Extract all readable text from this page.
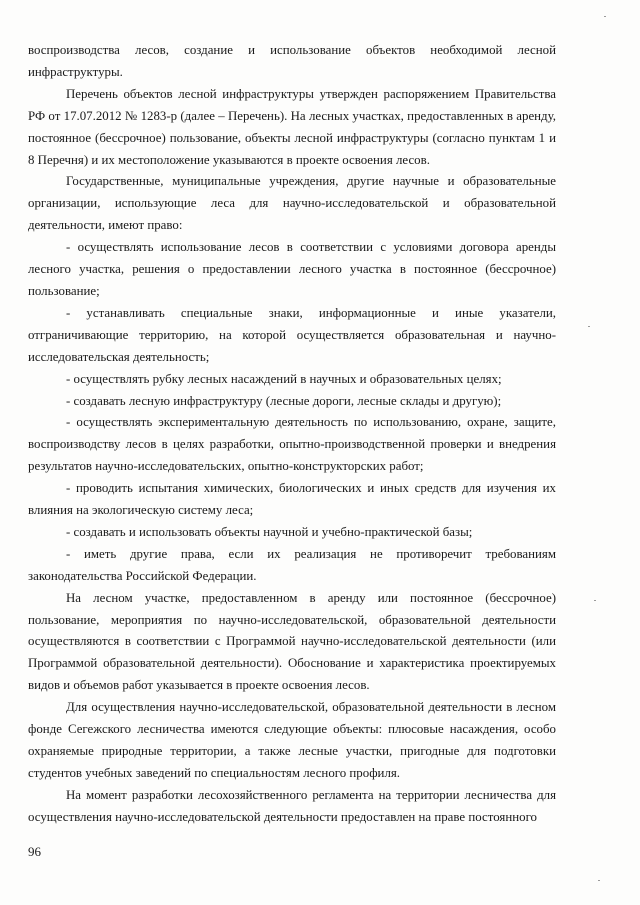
воспроизводства лесов, создание и использование объектов необходимой лесной инфраструктуры.

Перечень объектов лесной инфраструктуры утвержден распоряжением Правительства РФ от 17.07.2012 № 1283-р (далее – Перечень). На лесных участках, предоставленных в аренду, постоянное (бессрочное) пользование, объекты лесной инфраструктуры (согласно пунктам 1 и 8 Перечня) и их местоположение указываются в проекте освоения лесов.

Государственные, муниципальные учреждения, другие научные и образовательные организации, использующие леса для научно-исследовательской и образовательной деятельности, имеют право:

- осуществлять использование лесов в соответствии с условиями договора аренды лесного участка, решения о предоставлении лесного участка в постоянное (бессрочное) пользование;

- устанавливать специальные знаки, информационные и иные указатели, отграничивающие территорию, на которой осуществляется образовательная и научно-исследовательская деятельность;

- осуществлять рубку лесных насаждений в научных и образовательных целях;

- создавать лесную инфраструктуру (лесные дороги, лесные склады и другую);

- осуществлять экспериментальную деятельность по использованию, охране, защите, воспроизводству лесов в целях разработки, опытно-производственной проверки и внедрения результатов научно-исследовательских, опытно-конструкторских работ;

- проводить испытания химических, биологических и иных средств для изучения их влияния на экологическую систему леса;

- создавать и использовать объекты научной и учебно-практической базы;

- иметь другие права, если их реализация не противоречит требованиям законодательства Российской Федерации.

На лесном участке, предоставленном в аренду или постоянное (бессрочное) пользование, мероприятия по научно-исследовательской, образовательной деятельности осуществляются в соответствии с Программой научно-исследовательской деятельности (или Программой образовательной деятельности). Обоснование и характеристика проектируемых видов и объемов работ указывается в проекте освоения лесов.

Для осуществления научно-исследовательской, образовательной деятельности в лесном фонде Сегежского лесничества имеются следующие объекты: плюсовые насаждения, особо охраняемые природные территории, а также лесные участки, пригодные для подготовки студентов учебных заведений по специальностям лесного профиля.

На момент разработки лесохозяйственного регламента на территории лесничества для осуществления научно-исследовательской деятельности предоставлен на праве постоянного

96
